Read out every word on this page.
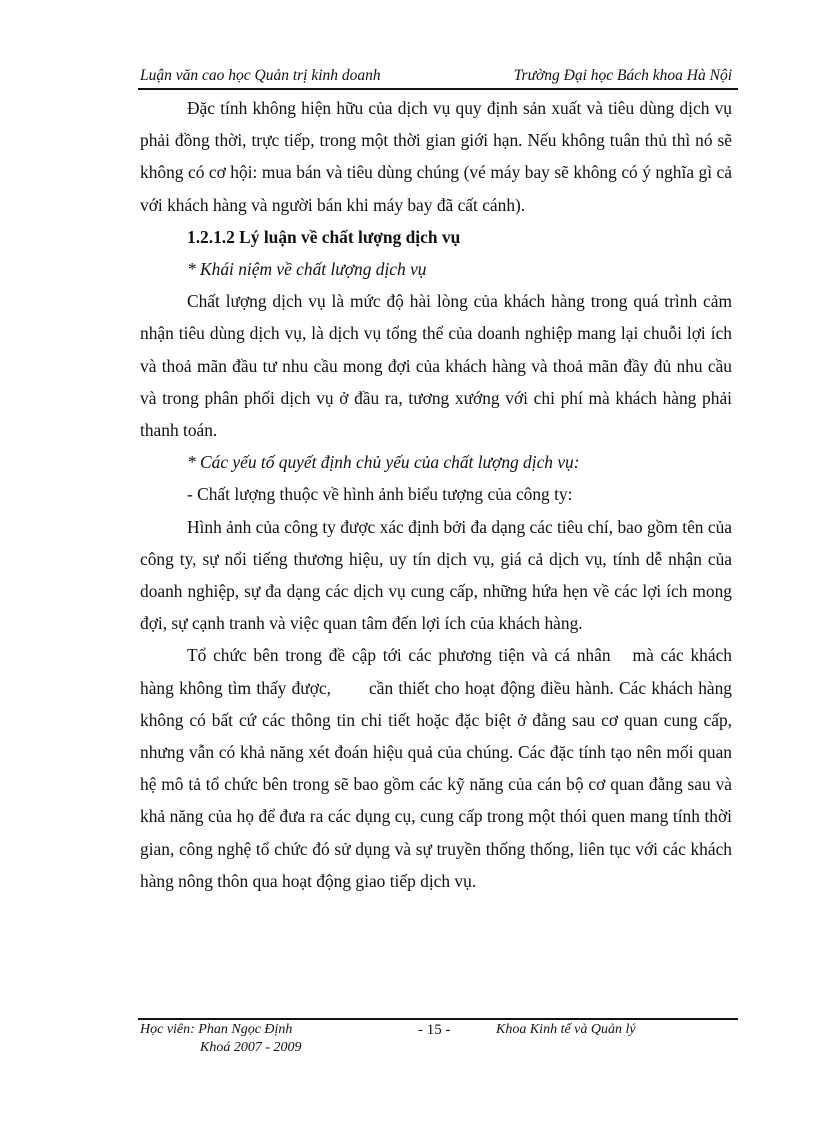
Luận văn cao học Quản trị kinh doanh	Trường Đại học Bách khoa Hà Nội

Đặc tính không hiện hữu của dịch vụ quy định sản xuất và tiêu dùng dịch vụ phải đồng thời, trực tiếp, trong một thời gian giới hạn. Nếu không tuân thủ thì nó sẽ không có cơ hội: mua bán và tiêu dùng chúng (vé máy bay sẽ không có ý nghĩa gì cả với khách hàng và người bán khi máy bay đã cất cánh).

1.2.1.2 Lý luận về chất lượng dịch vụ

* Khái niệm về chất lượng dịch vụ

Chất lượng dịch vụ là mức độ hài lòng của khách hàng trong quá trình cảm nhận tiêu dùng dịch vụ, là dịch vụ tổng thể của doanh nghiệp mang lại chuỗi lợi ích và thoả mãn đầu tư nhu cầu mong đợi của khách hàng và thoả mãn đầy đủ nhu cầu và trong phân phối dịch vụ ở đầu ra, tương xướng với chi phí mà khách hàng phải thanh toán.

* Các yếu tố quyết định chủ yếu của chất lượng dịch vụ:

- Chất lượng thuộc về hình ảnh biểu tượng của công ty:

Hình ảnh của công ty được xác định bởi đa dạng các tiêu chí, bao gồm tên của công ty, sự nổi tiếng thương hiệu, uy tín dịch vụ, giá cả dịch vụ, tính dễ nhận của doanh nghiệp, sự đa dạng các dịch vụ cung cấp, những hứa hẹn về các lợi ích mong đợi, sự cạnh tranh và việc quan tâm đến lợi ích của khách hàng.

Tổ chức bên trong đề cập tới các phương tiện và cá nhân mà các khách hàng không tìm thấy được, cần thiết cho hoạt động điều hành. Các khách hàng không có bất cứ các thông tin chi tiết hoặc đặc biệt ở đằng sau cơ quan cung cấp, nhưng vẫn có khả năng xét đoán hiệu quả của chúng. Các đặc tính tạo nên mối quan hệ mô tả tổ chức bên trong sẽ bao gồm các kỹ năng của cán bộ cơ quan đằng sau và khả năng của họ để đưa ra các dụng cụ, cung cấp trong một thói quen mang tính thời gian, công nghệ tổ chức đó sử dụng và sự truyền thống thống, liên tục với các khách hàng nông thôn qua hoạt động giao tiếp dịch vụ.

Học viên: Phan Ngọc Định
Khoá 2007 - 2009
- 15 -	Khoa Kinh tế và Quản lý
